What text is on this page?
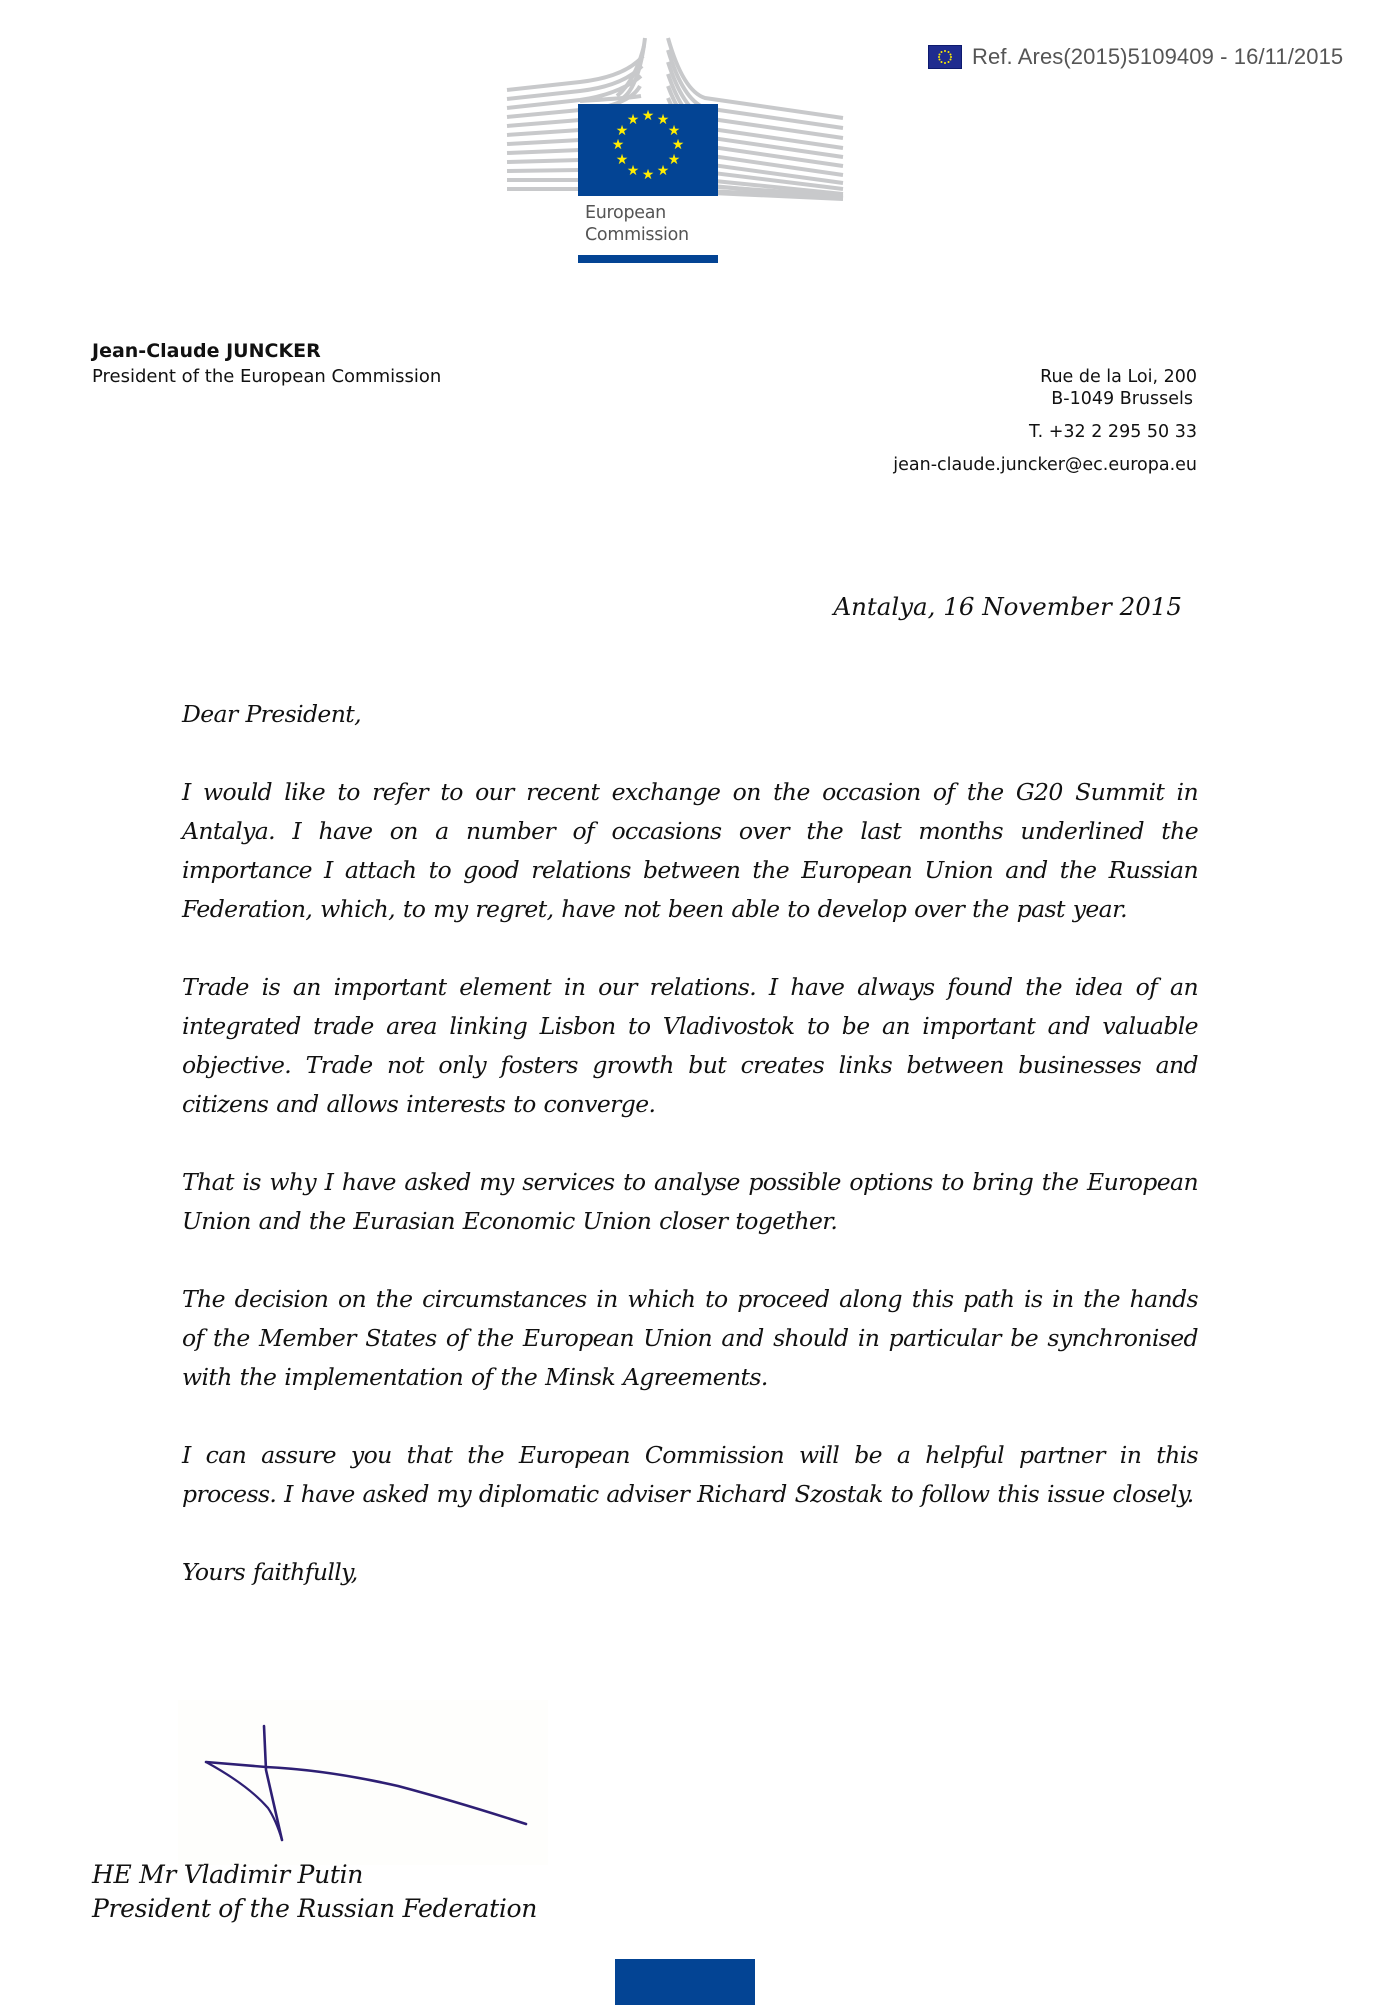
Ref. Ares(2015)5109409 - 16/11/2015
★ ★
★
★
★
★
★
★
★
★
★
★
European
Commission
Jean-Claude JUNCKER
President of the European Commission	Rue de la Loi, 200
B-1049 Brussels
T. +32 2 295 50 33
jean-claude.juncker@ec.europa.eu
Antalya, 16 November 2015

Dear President,

I would like to refer to our recent exchange on the occasion of the G20 Summit in Antalya. I have on a number of occasions over the last months underlined the importance I attach to good relations between the European Union and the Russian Federation, which, to my regret, have not been able to develop over the past year.

Trade is an important element in our relations. I have always found the idea of an integrated trade area linking Lisbon to Vladivostok to be an important and valuable objective. Trade not only fosters growth but creates links between businesses and citizens and allows interests to converge.

That is why I have asked my services to analyse possible options to bring the European Union and the Eurasian Economic Union closer together.

The decision on the circumstances in which to proceed along this path is in the hands of the Member States of the European Union and should in particular be synchronised with the implementation of the Minsk Agreements.

I can assure you that the European Commission will be a helpful partner in this process. I have asked my diplomatic adviser Richard Szostak to follow this issue closely.

Yours faithfully,

HE Mr Vladimir Putin
President of the Russian Federation
